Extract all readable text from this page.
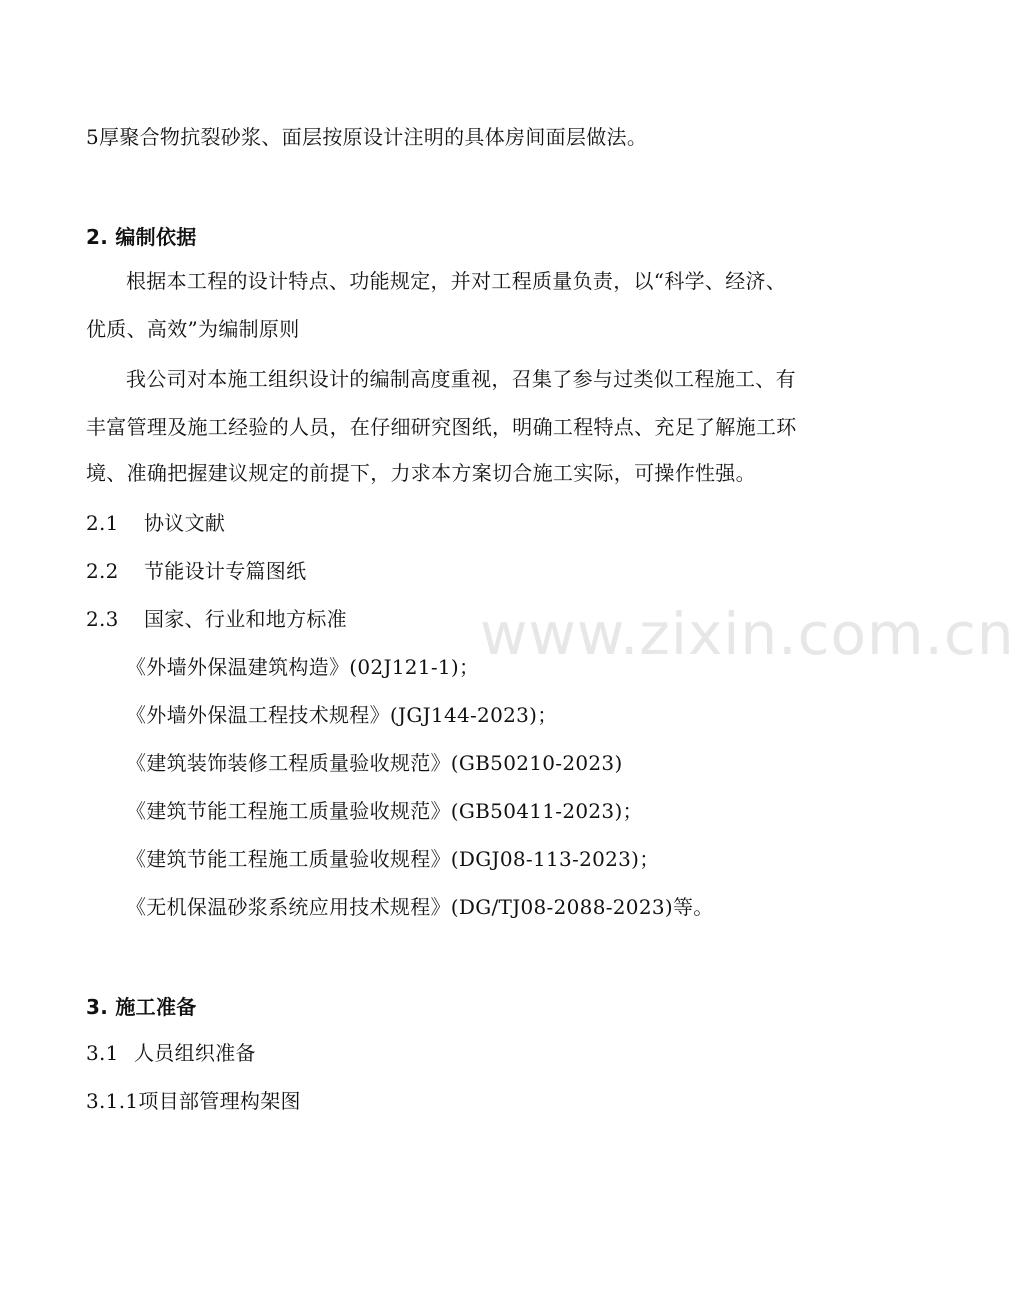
www.zixin.com.cn
5厚聚合物抗裂砂浆、面层按原设计注明的具体房间面层做法。
2. 编制依据
根据本工程的设计特点、功能规定，并对工程质量负责，以“科学、经济、
优质、高效”为编制原则
我公司对本施工组织设计的编制高度重视，召集了参与过类似工程施工、有
丰富管理及施工经验的人员，在仔细研究图纸，明确工程特点、充足了解施工环
境、准确把握建议规定的前提下，力求本方案切合施工实际，可操作性强。
2.1 协议文献
2.2 节能设计专篇图纸
2.3 国家、行业和地方标准
《外墙外保温建筑构造》(02J121-1)；
《外墙外保温工程技术规程》(JGJ144-2023)；
《建筑装饰装修工程质量验收规范》(GB50210-2023)
《建筑节能工程施工质量验收规范》(GB50411-2023)；
《建筑节能工程施工质量验收规程》(DGJ08-113-2023)；
《无机保温砂浆系统应用技术规程》(DG/TJ08-2088-2023)等。
3. 施工准备
3.1 人员组织准备
3.1.1项目部管理构架图
